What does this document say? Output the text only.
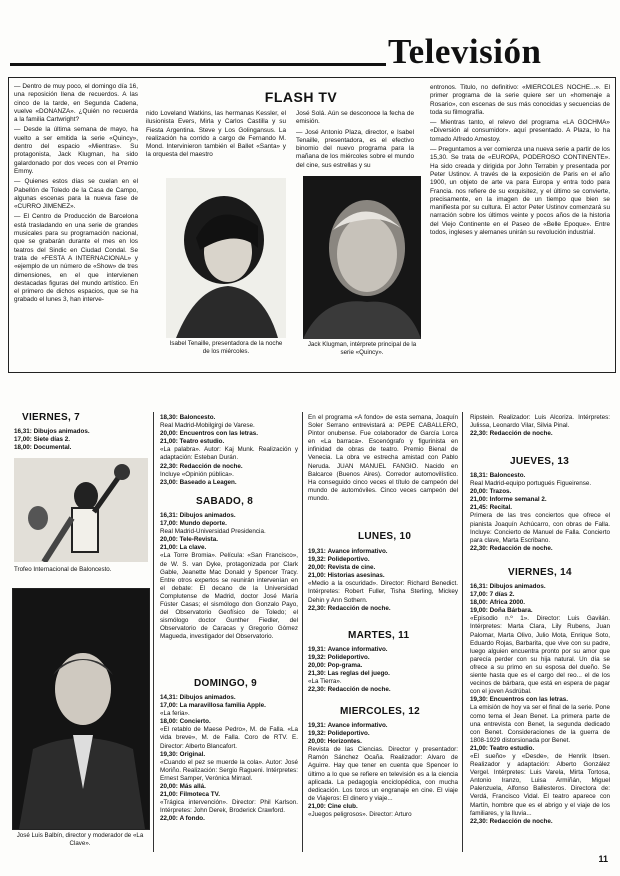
Televisión
FLASH TV

— Dentro de muy poco, el domingo día 16, una reposición llena de recuerdos. A las cinco de la tarde, en Segunda Cadena, vuelve «DONANZA». ¿Quién no recuerda a la familia Cartwright?

— Desde la última semana de mayo, ha vuelto a ser emitida la serie «Quincy», dentro del espacio «Mientras». Su protagonista, Jack Klugman, ha sido galardonado por dos veces con el Premio Emmy.

— Quienes estos días se cuelan en el Pabellón de Toledo de la Casa de Campo, algunas escenas para la nueva fase de «CURRO JIMENEZ».

— El Centro de Producción de Barcelona está trasladando en una serie de grandes musicales para su programación nacional, que se grabarán durante el mes en los teatros del Sindic en Ciudad Condal. Se trata de «FESTA A INTERNACIONAL» y «ejemplo de un número de «Show» de tres dimensiones, en el que intervienen destacadas figuras del mundo artístico. En el primero de dichos espacios, que se ha grabado el lunes 3, han interve-

nido Loveland Watkins, las hermanas Kessler, el ilusionista Evers, Mirla y Carlos Castilla y su Fiesta Argentina. Steve y Los Golingansus. La realización ha corrido a cargo de Fernando M. Mond. Intervinieron también el Ballet «Santa» y la orquesta del maestro

José Solá. Aún se desconoce la fecha de emisión.

— José Antonio Plaza, director, e Isabel Tenaille, presentadora, es el efectivo binomio del nuevo programa para la mañana de los miércoles sobre el mundo del cine, sus estrellas y su

entronos. Titulo, no definitivo: «MIERCOLES NOCHE...». El primer programa de la serie quiere ser un «homenaje a Rosario», con escenas de sus más conocidas y secuencias de toda su filmografía.

— Mientras tanto, el relevo del programa «LA GOCHMA» «Diversión al consumidor». aquí presentado. A Plaza, lo ha tomado Alfredo Amestoy.

— Preguntamos a ver comienza una nueva serie a partir de los 15,30. Se trata de «EUROPA, PODEROSO CONTINENTE». Ha sido creada y dirigida por John Terrabin y presentada por Peter Ustinov. A través de la exposición de Paris en el año 1900, un objeto de arte va para Europa y entra todo para Francia. nos refiere de su exquisitez, y el último se convierte, precisamente, en la imagen de un tiempo que bien se manifiesta por su cultura. El actor Peter Ustinov comenzará su narración sobre los últimos veinte y pocos años de la historia del Viejo Continente en el Paseo de «Belle Epoque». Entre todos, ingleses y alemanes unirán su revolución industrial.

Isabel Tenaille, presentadora de la noche de los miércoles.
Jack Klugman, intérprete principal de la serie «Quincy».
VIERNES, 7

16,31: Dibujos animados.

17,00: Siete días 2.

18,00: Documental.

Trofeo Internacional de Baloncesto.
José Luis Balbín, director y moderador de «La Clave».

18,30: Baloncesto.

Real Madrid-Mobilgirgi de Varese.

20,00: Encuentros con las letras.

21,00: Teatro estudio.

«La palabra». Autor: Kaj Munk. Realización y adaptación: Esteban Durán.

22,30: Redacción de noche.

Incluye «Opinión pública».

23,00: Baseado a Leagen.

SABADO, 8

16,31: Dibujos animados.

17,00: Mundo deporte.

Real Madrid-Universidad Presidencia.

20,00: Tele-Revista.

21,00: La clave.

«La Torre Bromia». Película: «San Francisco», de W. S. van Dyke, protagonizada por Clark Gable, Jeanette Mac Donald y Spencer Tracy. Entre otros expertos se reunirán intervenían en el debate: El decano de la Universidad Complutense de Madrid, doctor José María Fúster Casas; el sismólogo don Gonzalo Payo, del Observatorio Geofísico de Toledo; el sismólogo doctor Gunther Fiedler, del Observatorio de Caracas y Gregorio Gómez Magueda, investigador del Observatorio.

DOMINGO, 9

14,31: Dibujos animados.

17,00: La maravillosa familia Apple.

«La feria».

18,00: Concierto.

«El retablo de Maese Pedro», M. de Falla. «La vida breve», M. de Falla. Coro de RTV. E. Director: Alberto Blancafort.

19,30: Original.

«Cuando el pez se muerde la cola». Autor: José Moriño. Realización: Sergio Ragueni. Intérpretes: Ernest Samper, Verónica Mirraol.

20,00: Más allá.

21,00: Filmoteca TV.

«Trágica intervención». Director: Phil Karlson. Intérpretes: John Derek, Broderick Crawford.

22,00: A fondo.

En el programa «A fondo» de esta semana, Joaquín Soler Serrano entrevistará a: PEPE CABALLERO, Pintor onubense. Fue colaborador de García Lorca en «La barraca». Escenógrafo y figurinista en infinidad de obras de teatro. Premio Bienal de Venecia. La obra ve estrecha amistad con Pablo Neruda. JUAN MANUEL FANGIO. Nacido en Balcarce (Buenos Aires). Corredor automovilístico. Ha conseguido cinco veces el título de campeón del mundo de automóviles. Cinco veces campeón del mundo.

LUNES, 10

19,31: Avance informativo.

19,32: Polideportivo.

20,00: Revista de cine.

21,00: Historias asesinas.

«Medio a la oscuridad». Director: Richard Benedict. Intérpretes: Robert Fuller, Tisha Sterling, Mickey Dehin y Ann Sothern.

22,30: Redacción de noche.

MARTES, 11

19,31: Avance informativo.

19,32: Polideportivo.

20,00: Pop-grama.

21,30: Las reglas del juego.

«La Tierra».

22,30: Redacción de noche.

MIERCOLES, 12

19,31: Avance informativo.

19,32: Polideportivo.

20,00: Horizontes.

Revista de las Ciencias. Director y presentador: Ramón Sánchez Ocaña. Realizador: Alvaro de Aguirre. Hay que tener en cuenta que Spencer lo último a lo que se refiere en televisión es a la ciencia aplicada. La pedagogía enciclopédica, con mucha dedicación. Los toros un engranaje en cine. El viaje de Viajeros: El dinero y viaje...

21,00: Cine club.

«Juegos peligrosos». Director: Arturo

Ripstein. Realizador: Luis Alcoriza. Intérpretes: Julissa, Leonardo Vilar, Silvia Pinal.

22,30: Redacción de noche.

JUEVES, 13

18,31: Baloncesto.

Real Madrid-equipo portugués Figueirense.

20,00: Trazos.

21,00: Informe semanal 2.

21,45: Recital.

Primera de las tres conciertos que ofrece el pianista Joaquín Achúcarro, con obras de Falla. Incluye: Concierto de Manuel de Falla. Concierto para clave, Marta Escribano.

22,30: Redacción de noche.

VIERNES, 14

16,31: Dibujos animados.

17,00: 7 días 2.

18,00: Africa 2000.

19,00: Doña Bárbara.

«Episodio n.º 1». Director: Luis Gavilán. Intérpretes: Marta Clara, Lily Rubens, Juan Palomar, Marta Olivo, Julio Mota, Enrique Soto, Eduardo Rojas, Barbarita, que vive con su padre, luego alguien encuentra pronto por su amor que parecía perder con su hija natural. Un día se ofrece a su primo en su esposa del dueño. Se siente hasta que es el cargo del reo... el de los vecinos de bárbara, que está en espera de pagar con el joven Asdrúbal.

19,30: Encuentros con las letras.

La emisión de hoy va ser el final de la serie. Pone como tema el Jean Benet. La primera parte de una entrevista con Benet, la segunda dedicado con Benet. Consideraciones de la guerra de 1808-1929 distorsionada por Benet.

21,00: Teatro estudio.

«El sueño» y «Desde», de Henrik Ibsen. Realizador y adaptación: Alberto González Vergel. Intérpretes: Luis Varela, Mirta Tortosa, Antonio Iranzo, Luisa Armiñán, Miguel Palenzuela, Alfonso Ballesteros. Directora de: Verdá, Francisco Vidal. El teatro aparece con Martín, hombre que es el abrigo y el viaje de los familiares, y la lluvia...

22,30: Redacción de noche.

11
